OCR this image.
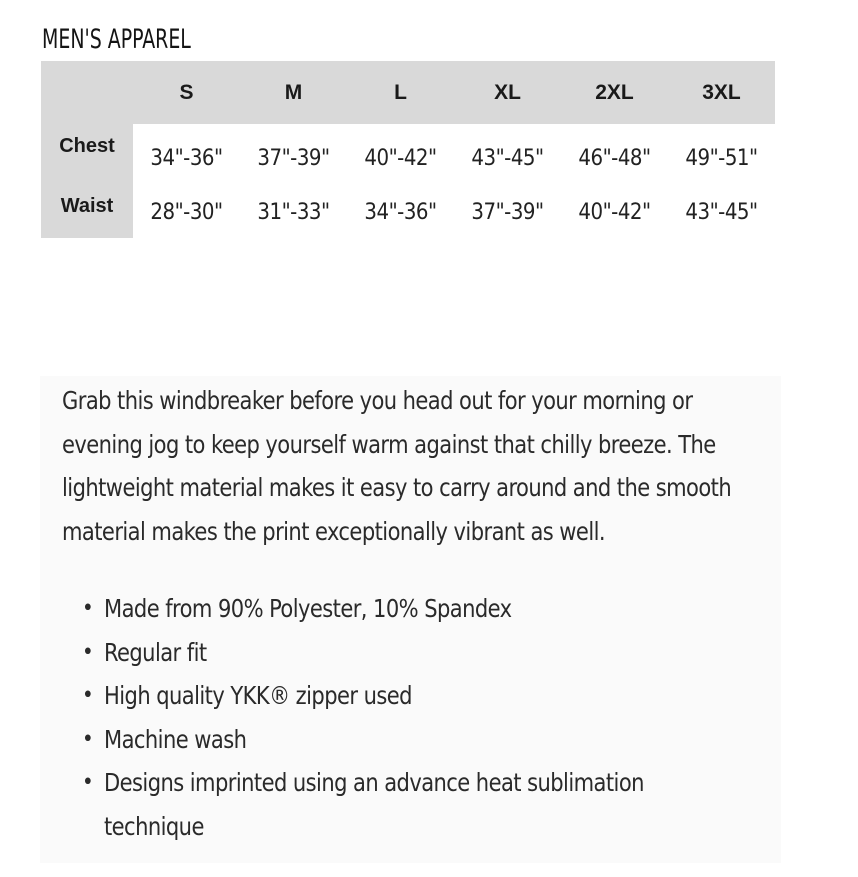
MEN'S APPAREL
	S	M	L	XL	2XL	3XL
Chest	34"-36"	37"-39"	40"-42"	43"-45"	46"-48"	49"-51"
Waist	28"-30"	31"-33"	34"-36"	37"-39"	40"-42"	43"-45"

Grab this windbreaker before you head out for your morning or evening jog to keep yourself warm against that chilly breeze. The lightweight material makes it easy to carry around and the smooth material makes the print exceptionally vibrant as well.

• Made from 90% Polyester, 10% Spandex
• Regular fit
• High quality YKK® zipper used
• Machine wash
• Designs imprinted using an advance heat sublimation technique
